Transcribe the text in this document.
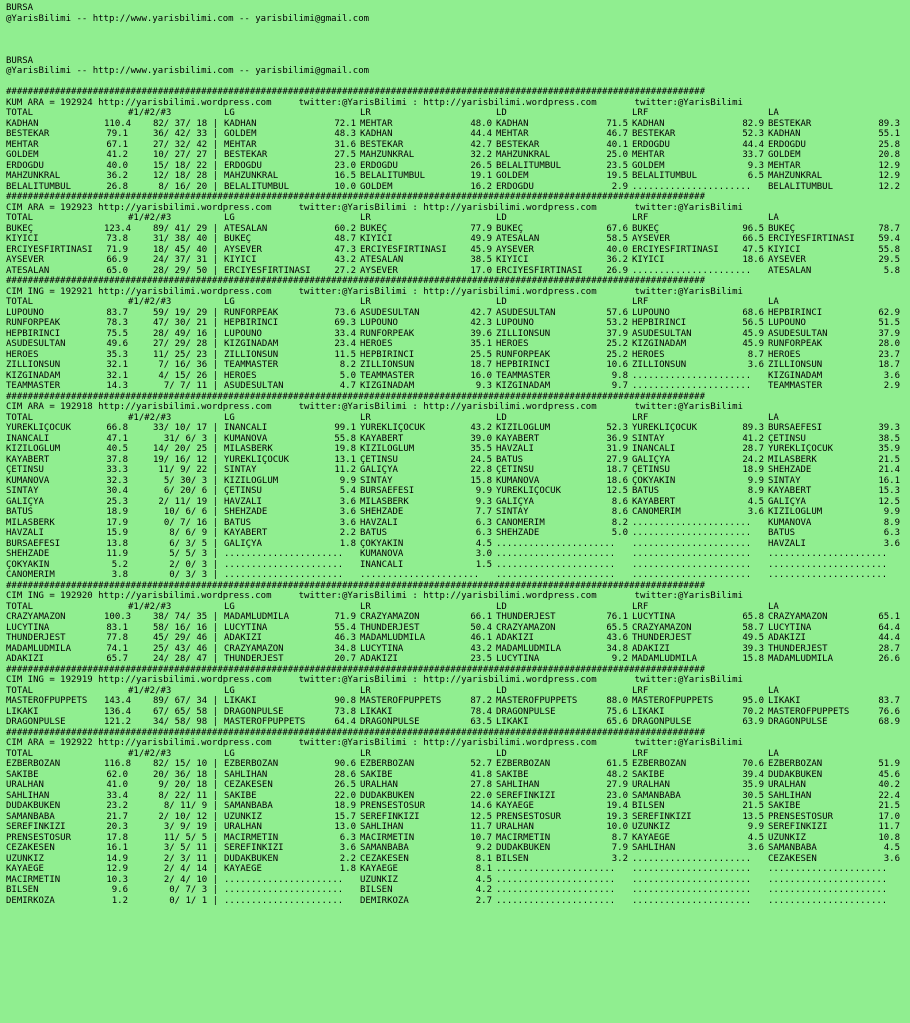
BURSA
@YarisBilimi -- http://www.yarisbilimi.com -- yarisbilimi@gmail.com
BURSA
@YarisBilimi -- http://www.yarisbilimi.com -- yarisbilimi@gmail.com
#################################################################################################################################
KUM ARA = 192924 http://yarisbilimi.wordpress.com     twitter:@YarisBilimi : http://yarisbilimi.wordpress.com       twitter:@YarisBilimi
TOTAL	#1/#2/#3	LG	LR	LD	LRF	LA
KADHAN	110.4 82/ 37/ 18 | KADHAN	72.1 MEHTAR	48.0 KADHAN	71.5 KADHAN	82.9 BESTEKAR	89.3
BESTEKAR	79.1	36/ 42/ 33 | GÖLDEM	48.3 KADHAN	44.4 MEHTAR	46.7 BESTEKAR	52.3 KADHAN	55.1
MEHTAR	67.1	27/ 32/ 42 | MEHTAR	31.6 BESTEKAR	42.7 BESTEKAR	40.1 ERDOGDU	44.4 ERDOGDU	25.8
GÖLDEM	41.2	10/ 27/ 27 | BESTEKAR	27.5 MAHZUNKRAL	32.2 MAHZUNKRAL	25.0 MEHTAR	33.7 GÖLDEM	20.8
ERDOGDU	40.0	15/ 18/ 22 | ERDOGDU	23.0 ERDOGDU	26.5 BELALITUMBUL	23.5 GÖLDEM	9.3 MEHTAR	12.9
MAHZUNKRAL	36.2	12/ 18/ 28 | MAHZUNKRAL	16.5 BELALITUMBUL	19.1 GÖLDEM	19.5 BELALITUMBUL	6.5 MAHZUNKRAL	12.9
BELALITUMBUL	26.8	8/ 16/ 20 | BELALITUMBUL	10.0 GÖLDEM	16.2 ERDOGDU	2.9 ...................... BELALITUMBUL	12.2
#################################################################################################################################
CIM ARA = 192923 http://yarisbilimi.wordpress.com     twitter:@YarisBilimi : http://yarisbilimi.wordpress.com       twitter:@YarisBilimi
TOTAL	#1/#2/#3	LG	LR	LD	LRF	LA
BÜKEÇ	123.4 89/ 41/ 29 | ATESALAN	60.2 BÜKEÇ	77.9 BÜKEÇ	67.6 BÜKEÇ	96.5 BÜKEÇ	78.7
KIYICI	73.8	31/ 38/ 40 | BÜKEÇ	48.7 KIYICI	49.9 ATESALAN	58.5 AYSEVER	66.5 ERCIYESFIRTINASI	59.4
ERCIYESFIRTINASI 71.9	18/ 45/ 40 | AYSEVER	47.3 ERCIYESFIRTINASI	45.9 AYSEVER	40.0 ERCIYESFIRTINASI	47.5 KIYICI	55.8
AYSEVER	66.9	24/ 37/ 31 | KIYICI	43.2 ATESALAN	38.5 KIYICI	36.2 KIYICI	18.6 AYSEVER	29.5
ATESALAN	65.0	28/ 29/ 50 | ERCIYESFIRTINASI	27.2 AYSEVER	17.0 ERCIYESFIRTINASI	26.9 ...................... ATESALAN	5.8
#################################################################################################################################
CIM ING = 192921 http://yarisbilimi.wordpress.com     twitter:@YarisBilimi : http://yarisbilimi.wordpress.com       twitter:@YarisBilimi
TOTAL	#1/#2/#3	LG	LR	LD	LRF	LA
LUPOUNO	83.7	59/ 19/ 29 | RUNFORPEAK	73.6 ASUDESULTAN	42.7 ASUDESULTAN	57.6 LUPOUNO	68.6 HEPBIRINCI	62.9
RUNFORPEAK	78.3	47/ 30/ 21 | HEPBIRINCI	69.3 LUPOUNO	42.3 LUPOUNO	53.2 HEPBIRINCI	56.5 LUPOUNO	51.5
HEPBIRINCI	75.5	28/ 49/ 16 | LUPOUNO	33.4 RUNFORPEAK	39.6 ZILLIONSUN	37.9 ASUDESULTAN	45.9 ASUDESULTAN	37.9
ASUDESULTAN	49.6	27/ 29/ 28 | KIZGINADAM	23.4 HEROES	35.1 HEROES	25.2 KIZGINADAM	45.9 RUNFORPEAK	28.0
HEROES	35.3	11/ 25/ 23 | ZILLIONSUN	11.5 HEPBIRINCI	25.5 RUNFORPEAK	25.2 HEROES	8.7 HEROES	23.7
ZILLIONSUN	32.1	7/ 16/ 36 | TEAMMASTER	8.2 ZILLIONSUN	18.7 HEPBIRINCI	10.6 ZILLIONSUN	3.6 ZILLIONSUN	18.7
KIZGINADAM	32.1	4/ 15/ 26 | HEROES	5.0 TEAMMASTER	16.0 TEAMMASTER	9.8 ...................... KIZGINADAM	3.6
TEAMMASTER	14.3	7/ 7/ 11 | ASUDESULTAN	4.7 KIZGINADAM	9.3 KIZGINADAM	9.7 ...................... TEAMMASTER	2.9
#################################################################################################################################
CIM ARA = 192918 http://yarisbilimi.wordpress.com     twitter:@YarisBilimi : http://yarisbilimi.wordpress.com       twitter:@YarisBilimi
TOTAL	#1/#2/#3	LG	LR	LD	LRF	LA
YÜREKLIÇOCUK	66.8	33/ 10/ 17 | INANCALI	99.1 YÜREKLIÇOCUK	43.2 KIZILOGLUM	52.3 YÜREKLIÇOCUK	89.3 BURSAEFESI	39.3
INANCALI	47.1	31/ 6/ 3 | KUMANOVA	55.8 KAYABERT	39.0 KAYABERT	36.9 SINTAY	41.2 ÇETINSU	38.5
KIZILOGLUM	40.5	14/ 20/ 25 | MILASBERK	19.8 KIZILOGLUM	35.5 HAVZALI	31.9 INANCALI	28.7 YÜREKLIÇOCUK	35.9
KAYABERT	37.8	19/ 16/ 12 | YÜREKLIÇOCUK	13.1 ÇETINSU	24.5 BATUS	27.9 GALIÇYA	24.2 MILASBERK	21.5
ÇETINSU	33.3	11/ 9/ 22 | SINTAY	11.2 GALIÇYA	22.8 ÇETINSU	18.7 ÇETINSU	18.9 SHEHZADE	21.4
KUMANOVA	32.3	5/ 30/ 3 | KIZILOGLUM	9.9 SINTAY	15.8 KUMANOVA	18.6 ÇOKYAKIN	9.9 SINTAY	16.1
SINTAY	30.4	6/ 20/ 6 | ÇETINSU	5.4 BURSAEFESI	9.9 YÜREKLIÇOCUK	12.5 BATUS	8.9 KAYABERT	15.3
GALIÇYA	25.3	2/ 11/ 19 | HAVZALI	3.6 MILASBERK	9.3 GALIÇYA	8.6 KAYABERT	4.5 GALIÇYA	12.5
BATUS	18.9	10/ 6/ 6 | SHEHZADE	3.6 SHEHZADE	7.7 SINTAY	8.6 CANOMERIM	3.6 KIZILOGLUM	9.9
MILASBERK	17.9	0/ 7/ 16 | BATUS	3.6 HAVZALI	6.3 CANOMERIM	8.2 ...................... KUMANOVA	8.9
HAVZALI	15.9	8/ 6/ 9 | KAYABERT	2.2 BATUS	6.3 SHEHZADE	5.0 ...................... BATUS	6.3
BURSAEFESI	13.8	6/ 3/ 5 | GALIÇYA	1.8 ÇOKYAKIN	4.5 ...................... ...................... HAVZALI	3.6
SHEHZADE	11.9	5/ 5/ 3 | ...................... KUMANOVA	3.0 ...................... ...................... ......................
ÇOKYAKIN	5.2	2/ 0/ 3 | ...................... INANCALI	1.5 ...................... ...................... ......................
CANOMERIM	3.8	0/ 3/ 3 | ...................... ...................... ...................... ...................... ......................
#################################################################################################################################
CIM ING = 192920 http://yarisbilimi.wordpress.com     twitter:@YarisBilimi : http://yarisbilimi.wordpress.com       twitter:@YarisBilimi
TOTAL	#1/#2/#3	LG	LR	LD	LRF	LA
CRAZYAMAZON	100.3 38/ 74/ 35 | MADAMLUDMILA	71.9 CRAZYAMAZON	66.1 THUNDERJEST	76.1 LUCYTINA	65.8 CRAZYAMAZON	65.1
LUCYTINA	83.1	58/ 16/ 16 | LUCYTINA	55.4 THUNDERJEST	50.4 CRAZYAMAZON	65.5 CRAZYAMAZON	58.7 LUCYTINA	64.4
THUNDERJEST	77.8	45/ 29/ 46 | ADAKIZI	46.3 MADAMLUDMILA	46.1 ADAKIZI	43.6 THUNDERJEST	49.5 ADAKIZI	44.4
MADAMLUDMILA	74.1	25/ 43/ 46 | CRAZYAMAZON	34.8 LUCYTINA	43.2 MADAMLUDMILA	34.8 ADAKIZI	39.3 THUNDERJEST	28.7
ADAKIZI	65.7	24/ 28/ 47 | THUNDERJEST	20.7 ADAKIZI	23.5 LUCYTINA	9.2 MADAMLUDMILA	15.8 MADAMLUDMILA	26.6
#################################################################################################################################
CIM ING = 192919 http://yarisbilimi.wordpress.com     twitter:@YarisBilimi : http://yarisbilimi.wordpress.com       twitter:@YarisBilimi
TOTAL	#1/#2/#3	LG	LR	LD	LRF	LA
MASTEROFPUPPETS 143.4 89/ 67/ 34 | LIKAKI	90.8 MASTEROFPUPPETS	87.2 MASTEROFPUPPETS	88.0 MASTEROFPUPPETS	95.0 LIKAKI	83.7
LIKAKI	136.4 67/ 65/ 58 | DRAGONPULSE	73.8 LIKAKI	78.4 DRAGONPULSE	75.6 LIKAKI	70.2 MASTEROFPUPPETS	76.6
DRAGONPULSE	121.2 34/ 58/ 98 | MASTEROFPUPPETS	64.4 DRAGONPULSE	63.5 LIKAKI	65.6 DRAGONPULSE	63.9 DRAGONPULSE	68.9
#################################################################################################################################
CIM ARA = 192922 http://yarisbilimi.wordpress.com     twitter:@YarisBilimi : http://yarisbilimi.wordpress.com       twitter:@YarisBilimi
TOTAL	#1/#2/#3	LG	LR	LD	LRF	LA
EZBERBOZAN	116.8 82/ 15/ 10 | EZBERBOZAN	90.6 EZBERBOZAN	52.7 EZBERBOZAN	61.5 EZBERBOZAN	70.6 EZBERBOZAN	51.9
SAKIBE	62.0	20/ 36/ 18 | SAHLIHAN	28.6 SAKIBE	41.8 SAKIBE	48.2 SAKIBE	39.4 DUDAKBÜKEN	45.6
URALHAN	41.0	9/ 20/ 18 | CEZAKESEN	26.5 URALHAN	27.8 SAHLIHAN	27.9 URALHAN	35.9 URALHAN	40.2
SAHLIHAN	33.4	8/ 22/ 11 | SAKIBE	22.0 DUDAKBÜKEN	22.0 SEREFINKIZI	23.0 SAMANBABA	30.5 SAHLIHAN	22.4
DUDAKBÜKEN	23.2	8/ 11/ 9 | SAMANBABA	18.9 PRENSESTOSUR	14.6 KAYAEGE	19.4 BILSEN	21.5 SAKIBE	21.5
SAMANBABA	21.7	2/ 10/ 12 | UZUNKIZ	15.7 SEREFINKIZI	12.5 PRENSESTOSUR	19.3 SEREFINKIZI	13.5 PRENSESTOSUR	17.0
SEREFINKIZI	20.3	3/ 9/ 19 | URALHAN	13.0 SAHLIHAN	11.7 URALHAN	10.0 UZUNKIZ	9.9 SEREFINKIZI	11.7
PRENSESTOSUR	17.8	11/ 5/ 5 | MACIRMETIN	6.3 MACIRMETIN	10.7 MACIRMETIN	8.7 KAYAEGE	4.5 UZUNKIZ	10.8
CEZAKESEN	16.1	3/ 5/ 11 | SEREFINKIZI	3.6 SAMANBABA	9.2 DUDAKBÜKEN	7.9 SAHLIHAN	3.6 SAMANBABA	4.5
UZUNKIZ	14.9	2/ 3/ 11 | DUDAKBÜKEN	2.2 CEZAKESEN	8.1 BILSEN	3.2 ...................... CEZAKESEN	3.6
KAYAEGE	12.9	2/ 4/ 14 | KAYAEGE	1.8 KAYAEGE	8.1 ...................... ...................... ......................
MACIRMETIN	10.3	2/ 4/ 10 | ...................... UZUNKIZ	4.5 ...................... ...................... ......................
BILSEN	9.6	0/ 7/ 3 | ...................... BILSEN	4.2 ...................... ...................... ......................
DEMIRKOZA	1.2	0/ 1/ 1 | ...................... DEMIRKOZA	2.7 ...................... ...................... ......................
